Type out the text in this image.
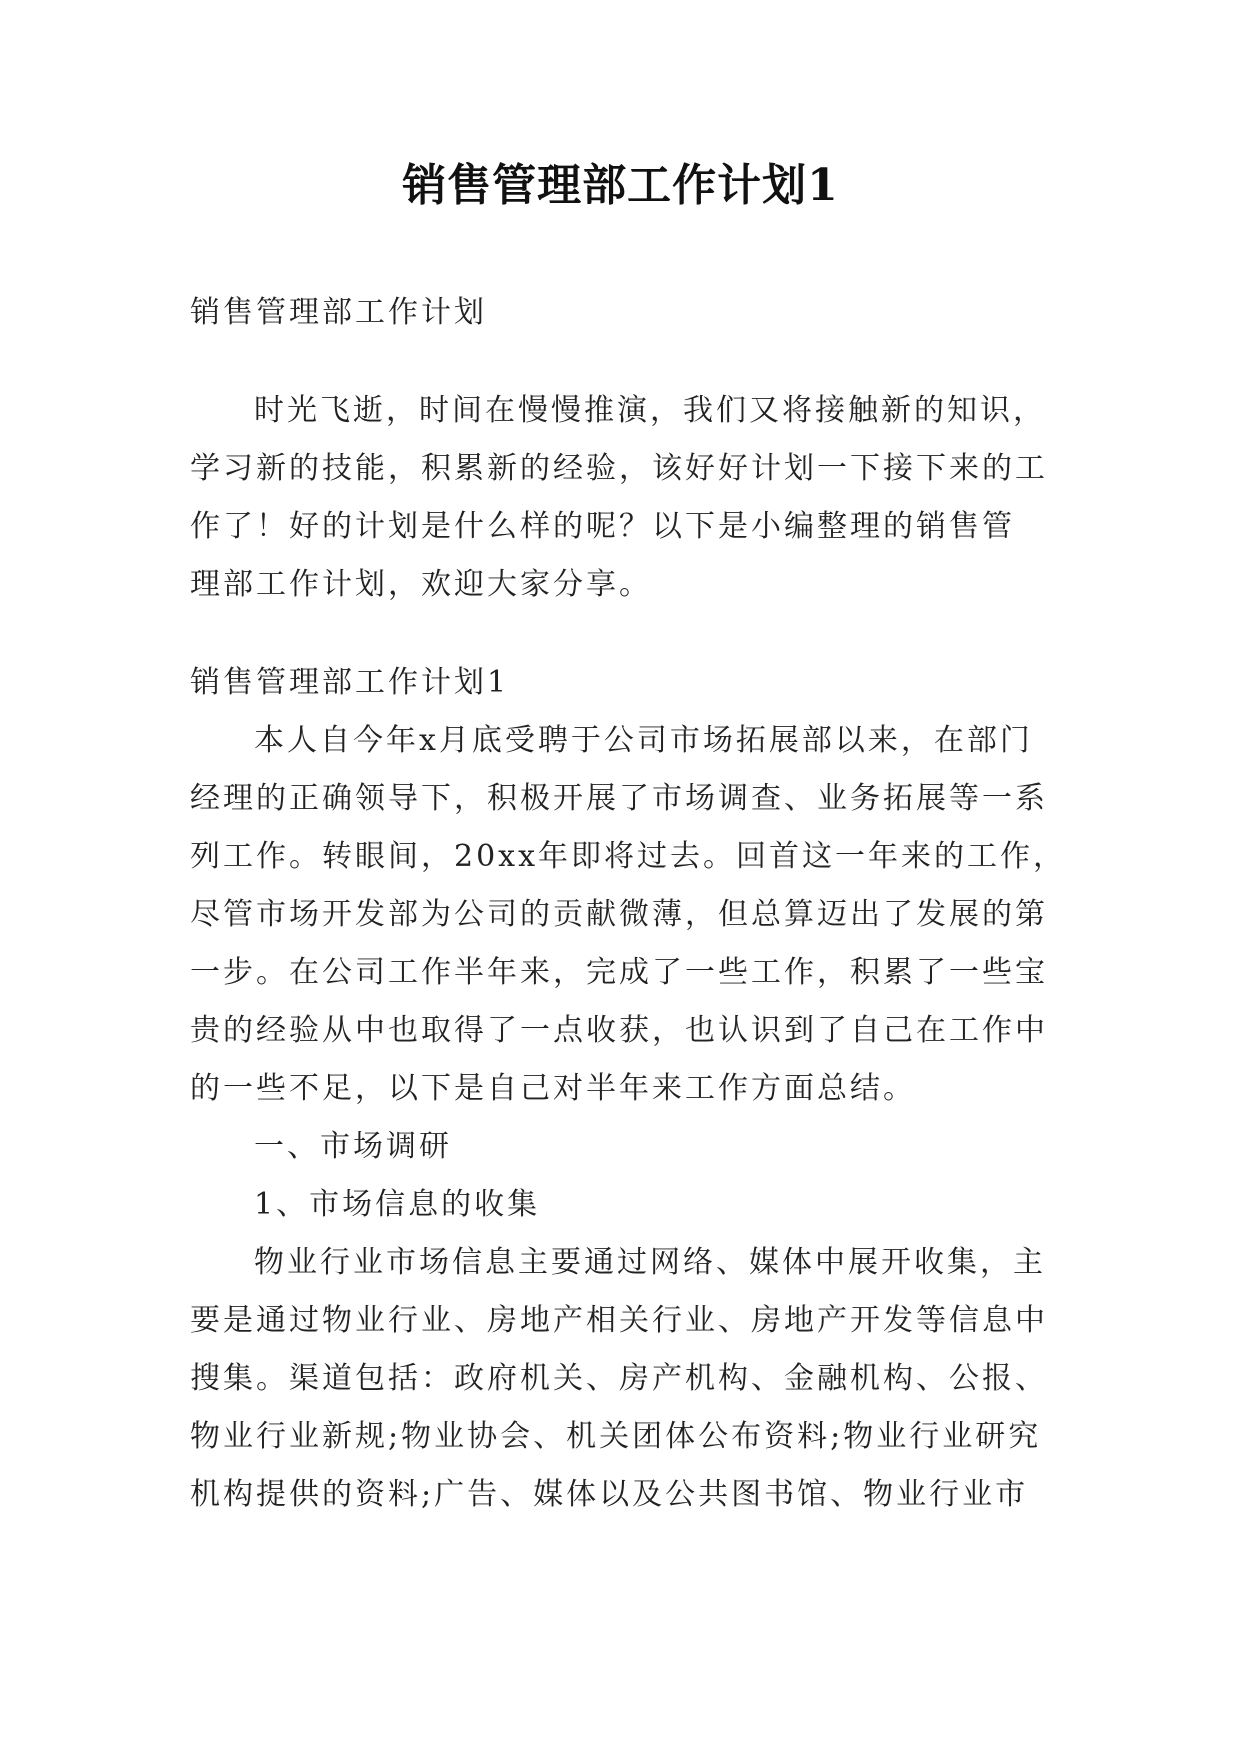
销售管理部工作计划1
销售管理部工作计划
时光飞逝，时间在慢慢推演，我们又将接触新的知识，
学习新的技能，积累新的经验，该好好计划一下接下来的工
作了！好的计划是什么样的呢？以下是小编整理的销售管
理部工作计划，欢迎大家分享。
销售管理部工作计划1
本人自今年x月底受聘于公司市场拓展部以来，在部门
经理的正确领导下，积极开展了市场调查、业务拓展等一系
列工作。转眼间，20xx年即将过去。回首这一年来的工作，
尽管市场开发部为公司的贡献微薄，但总算迈出了发展的第
一步。在公司工作半年来，完成了一些工作，积累了一些宝
贵的经验从中也取得了一点收获，也认识到了自己在工作中
的一些不足，以下是自己对半年来工作方面总结。
一、市场调研
1、市场信息的收集
物业行业市场信息主要通过网络、媒体中展开收集，主
要是通过物业行业、房地产相关行业、房地产开发等信息中
搜集。渠道包括：政府机关、房产机构、金融机构、公报、
物业行业新规;物业协会、机关团体公布资料;物业行业研究
机构提供的资料;广告、媒体以及公共图书馆、物业行业市
